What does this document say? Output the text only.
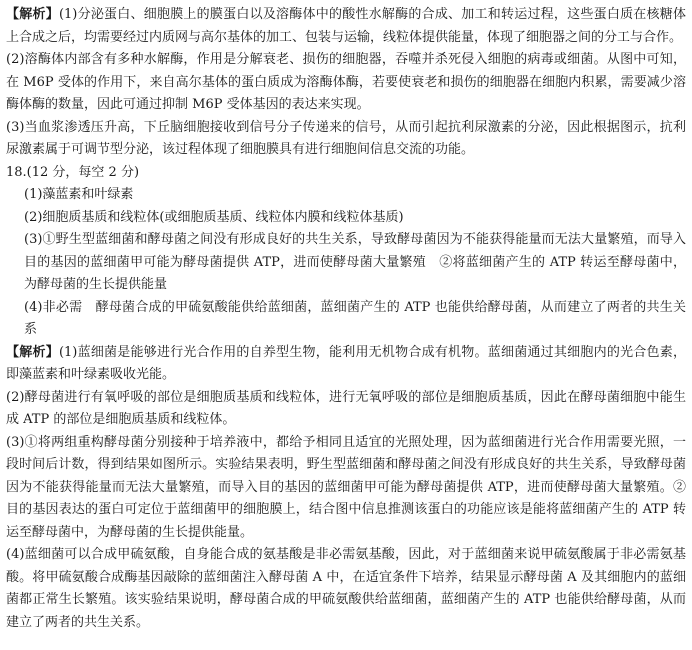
【解析】(1)分泌蛋白、细胞膜上的膜蛋白以及溶酶体中的酸性水解酶的合成、加工和转运过程，这些蛋白质在核糖体上合成之后，均需要经过内质网与高尔基体的加工、包装与运输，线粒体提供能量，体现了细胞器之间的分工与合作。

(2)溶酶体内部含有多种水解酶，作用是分解衰老、损伤的细胞器，吞噬并杀死侵入细胞的病毒或细菌。从图中可知，在 M6P 受体的作用下，来自高尔基体的蛋白质成为溶酶体酶，若要使衰老和损伤的细胞器在细胞内积累，需要减少溶酶体酶的数量，因此可通过抑制 M6P 受体基因的表达来实现。

(3)当血浆渗透压升高，下丘脑细胞接收到信号分子传递来的信号，从而引起抗利尿激素的分泌，因此根据图示，抗利尿激素属于可调节型分泌，该过程体现了细胞膜具有进行细胞间信息交流的功能。

18.(12 分，每空 2 分)

(1)藻蓝素和叶绿素

(2)细胞质基质和线粒体(或细胞质基质、线粒体内膜和线粒体基质)

(3)①野生型蓝细菌和酵母菌之间没有形成良好的共生关系，导致酵母菌因为不能获得能量而无法大量繁殖，而导入目的基因的蓝细菌甲可能为酵母菌提供 ATP，进而使酵母菌大量繁殖　②将蓝细菌产生的 ATP 转运至酵母菌中，为酵母菌的生长提供能量

(4)非必需　酵母菌合成的甲硫氨酸能供给蓝细菌，蓝细菌产生的 ATP 也能供给酵母菌，从而建立了两者的共生关系

【解析】(1)蓝细菌是能够进行光合作用的自养型生物，能利用无机物合成有机物。蓝细菌通过其细胞内的光合色素，即藻蓝素和叶绿素吸收光能。

(2)酵母菌进行有氧呼吸的部位是细胞质基质和线粒体，进行无氧呼吸的部位是细胞质基质，因此在酵母菌细胞中能生成 ATP 的部位是细胞质基质和线粒体。

(3)①将两组重构酵母菌分别接种于培养液中，都给予相同且适宜的光照处理，因为蓝细菌进行光合作用需要光照，一段时间后计数，得到结果如图所示。实验结果表明，野生型蓝细菌和酵母菌之间没有形成良好的共生关系，导致酵母菌因为不能获得能量而无法大量繁殖，而导入目的基因的蓝细菌甲可能为酵母菌提供 ATP，进而使酵母菌大量繁殖。②目的基因表达的蛋白可定位于蓝细菌甲的细胞膜上，结合图中信息推测该蛋白的功能应该是能将蓝细菌产生的 ATP 转运至酵母菌中，为酵母菌的生长提供能量。

(4)蓝细菌可以合成甲硫氨酸，自身能合成的氨基酸是非必需氨基酸，因此，对于蓝细菌来说甲硫氨酸属于非必需氨基酸。将甲硫氨酸合成酶基因敲除的蓝细菌注入酵母菌 A 中，在适宜条件下培养，结果显示酵母菌 A 及其细胞内的蓝细菌都正常生长繁殖。该实验结果说明，酵母菌合成的甲硫氨酸供给蓝细菌，蓝细菌产生的 ATP 也能供给酵母菌，从而建立了两者的共生关系。
